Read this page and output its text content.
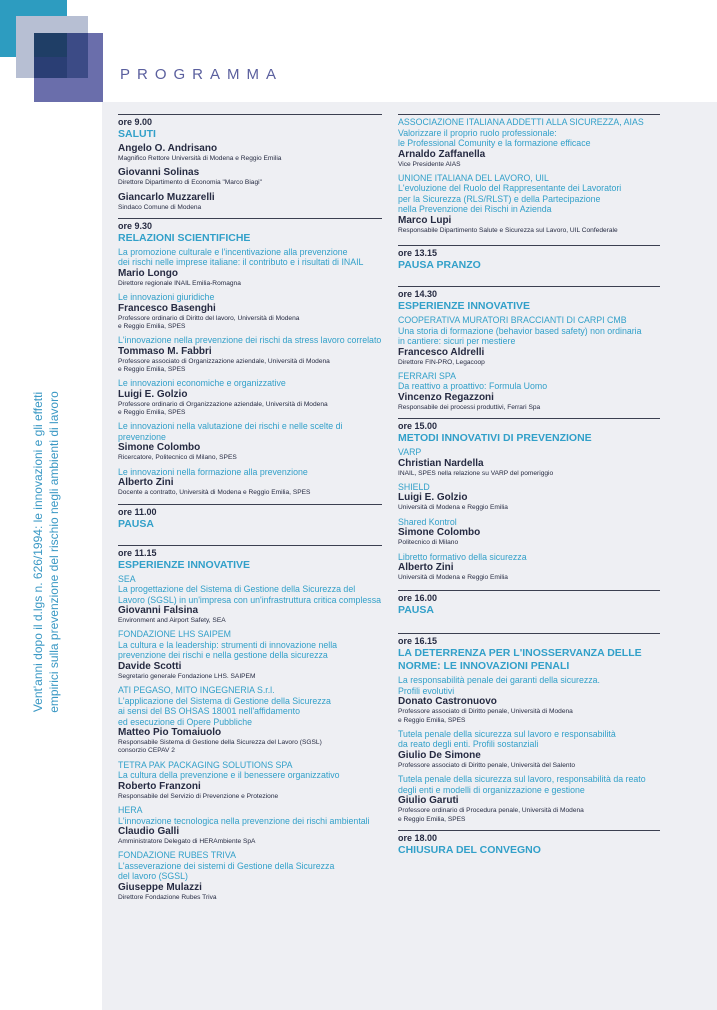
PROGRAMMA
Vent'anni dopo il d.lgs n. 626/1994: le innovazioni e gli effetti empirici sulla prevenzione del rischio negli ambienti di lavoro
ore 9.00
SALUTI
Angelo O. Andrisano
Magnifico Rettore Università di Modena e Reggio Emilia
Giovanni Solinas
Direttore Dipartimento di Economia "Marco Biagi"
Giancarlo Muzzarelli
Sindaco Comune di Modena
ore 9.30
RELAZIONI SCIENTIFICHE
La promozione culturale e l'incentivazione alla prevenzione
dei rischi nelle imprese italiane: il contributo e i risultati di INAIL
Mario Longo
Direttore regionale INAIL Emilia-Romagna
Le innovazioni giuridiche
Francesco Basenghi
Professore ordinario di Diritto del lavoro, Università di Modena
e Reggio Emilia, SPES
L'innovazione nella prevenzione dei rischi da stress lavoro correlato
Tommaso M. Fabbri
Professore associato di Organizzazione aziendale, Università di Modena
e Reggio Emilia, SPES
Le innovazioni economiche e organizzative
Luigi E. Golzio
Professore ordinario di Organizzazione aziendale, Università di Modena
e Reggio Emilia, SPES
Le innovazioni nella valutazione dei rischi e nelle scelte di prevenzione
Simone Colombo
Ricercatore, Politecnico di Milano, SPES
Le innovazioni nella formazione alla prevenzione
Alberto Zini
Docente a contratto, Università di Modena e Reggio Emilia, SPES
ore 11.00
PAUSA
ore 11.15
ESPERIENZE INNOVATIVE
SEA
La progettazione del Sistema di Gestione della Sicurezza del
Lavoro (SGSL) in un'impresa con un'infrastruttura critica complessa
Giovanni Falsina
Environment and Airport Safety, SEA
FONDAZIONE LHS SAIPEM
La cultura e la leadership: strumenti di innovazione nella
prevenzione dei rischi e nella gestione della sicurezza
Davide Scotti
Segretario generale Fondazione LHS. SAIPEM
ATI PEGASO, MITO INGEGNERIA S.r.l.
L'applicazione del Sistema di Gestione della Sicurezza
ai sensi del BS OHSAS 18001 nell'affidamento
ed esecuzione di Opere Pubbliche
Matteo Pio Tomaiuolo
Responsabile Sistema di Gestione della Sicurezza del Lavoro (SGSL)
consorzio CEPAV 2
TETRA PAK PACKAGING SOLUTIONS SPA
La cultura della prevenzione e il benessere organizzativo
Roberto Franzoni
Responsabile del Servizio di Prevenzione e Protezione
HERA
L'innovazione tecnologica nella prevenzione dei rischi ambientali
Claudio Galli
Amministratore Delegato di HERAmbiente SpA
FONDAZIONE RUBES TRIVA
L'asseverazione dei sistemi di Gestione della Sicurezza
del lavoro (SGSL)
Giuseppe Mulazzi
Direttore Fondazione Rubes Triva
ASSOCIAZIONE ITALIANA ADDETTI ALLA SICUREZZA, AIAS
Valorizzare il proprio ruolo professionale:
le Professional Comunity e la formazione efficace
Arnaldo Zaffanella
Vice Presidente AIAS
UNIONE ITALIANA DEL LAVORO, UIL
L'evoluzione del Ruolo del Rappresentante dei Lavoratori
per la Sicurezza (RLS/RLST) e della Partecipazione
nella Prevenzione dei Rischi in Azienda
Marco Lupi
Responsabile Dipartimento Salute e Sicurezza sul Lavoro, UIL Confederale
ore 13.15
PAUSA PRANZO
ore 14.30
ESPERIENZE INNOVATIVE
COOPERATIVA MURATORI BRACCIANTI DI CARPI CMB
Una storia di formazione (behavior based safety) non ordinaria
in cantiere: sicuri per mestiere
Francesco Aldrelli
Direttore FIN-PRO, Legacoop
FERRARI SPA
Da reattivo a proattivo: Formula Uomo
Vincenzo Regazzoni
Responsabile dei processi produttivi, Ferrari Spa
ore 15.00
METODI INNOVATIVI DI PREVENZIONE
VARP
Christian Nardella
INAIL, SPES nella relazione su VARP del pomeriggio
SHIELD
Luigi E. Golzio
Università di Modena e Reggio Emilia
Shared Kontrol
Simone Colombo
Politecnico di Milano
Libretto formativo della sicurezza
Alberto Zini
Università di Modena e Reggio Emilia
ore 16.00
PAUSA
ore 16.15
LA DETERRENZA PER L'INOSSERVANZA DELLE NORME: LE INNOVAZIONI PENALI
La responsabilità penale dei garanti della sicurezza.
Profili evolutivi
Donato Castronuovo
Professore associato di Diritto penale, Università di Modena
e Reggio Emilia, SPES
Tutela penale della sicurezza sul lavoro e responsabilità
da reato degli enti. Profili sostanziali
Giulio De Simone
Professore associato di Diritto penale, Università del Salento
Tutela penale della sicurezza sul lavoro, responsabilità da reato
degli enti e modelli di organizzazione e gestione
Giulio Garuti
Professore ordinario di Procedura penale, Università di Modena
e Reggio Emilia, SPES
ore 18.00
CHIUSURA DEL CONVEGNO
